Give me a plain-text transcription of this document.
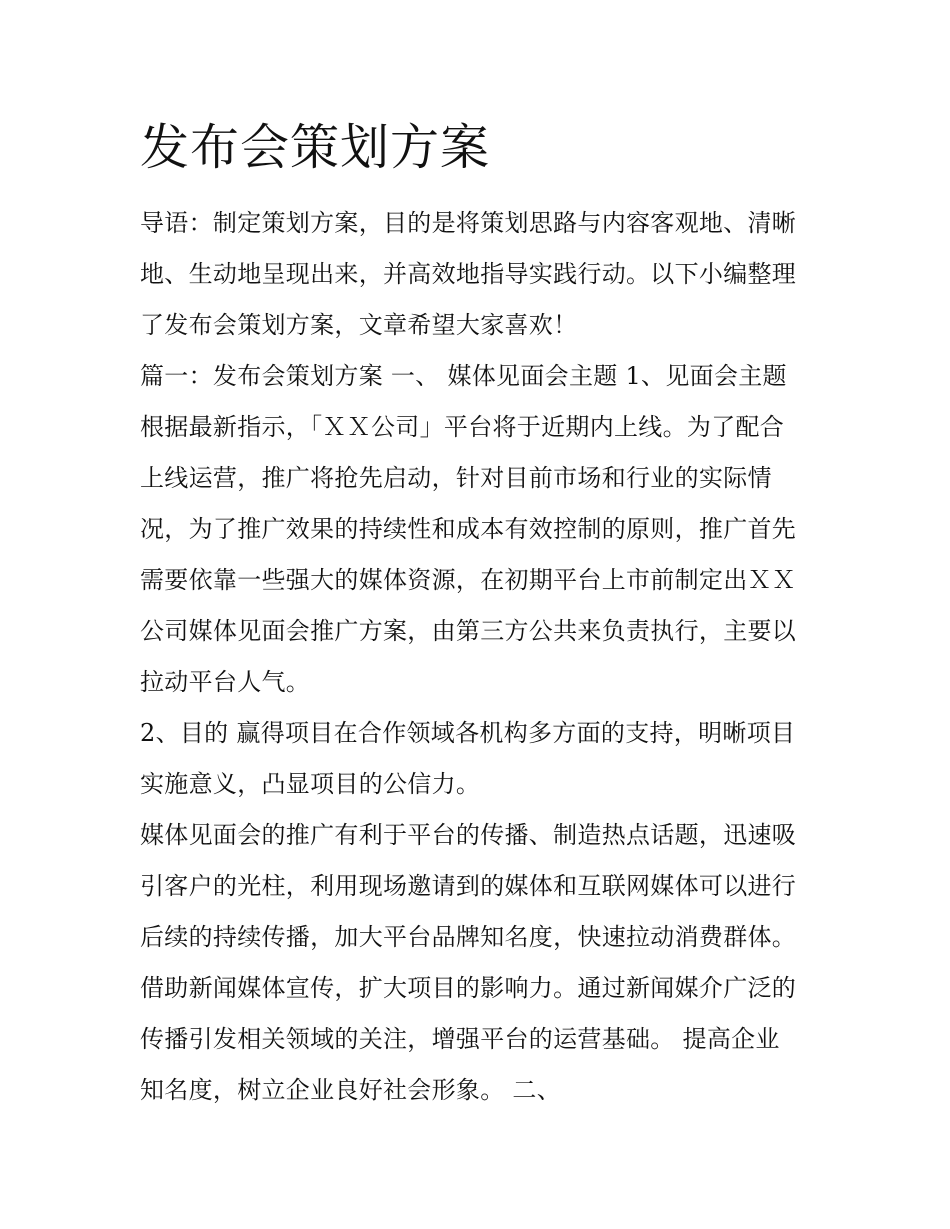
发布会策划方案
导语：制定策划方案，目的是将策划思路与内容客观地、清晰
地、生动地呈现出来，并高效地指导实践行动。以下小编整理
了发布会策划方案，文章希望大家喜欢！
篇一：发布会策划方案 一、 媒体见面会主题 1、见面会主题
根据最新指示，「ＸＸ公司」平台将于近期内上线。为了配合
上线运营，推广将抢先启动，针对目前市场和行业的实际情
况，为了推广效果的持续性和成本有效控制的原则，推广首先
需要依靠一些强大的媒体资源，在初期平台上市前制定出ＸＸ
公司媒体见面会推广方案，由第三方公共来负责执行，主要以
拉动平台人气。
2、目的 赢得项目在合作领域各机构多方面的支持，明晰项目
实施意义，凸显项目的公信力。
媒体见面会的推广有利于平台的传播、制造热点话题，迅速吸
引客户的光柱，利用现场邀请到的媒体和互联网媒体可以进行
后续的持续传播，加大平台品牌知名度，快速拉动消费群体。
借助新闻媒体宣传，扩大项目的影响力。通过新闻媒介广泛的
传播引发相关领域的关注，增强平台的运营基础。 提高企业
知名度，树立企业良好社会形象。 二、
